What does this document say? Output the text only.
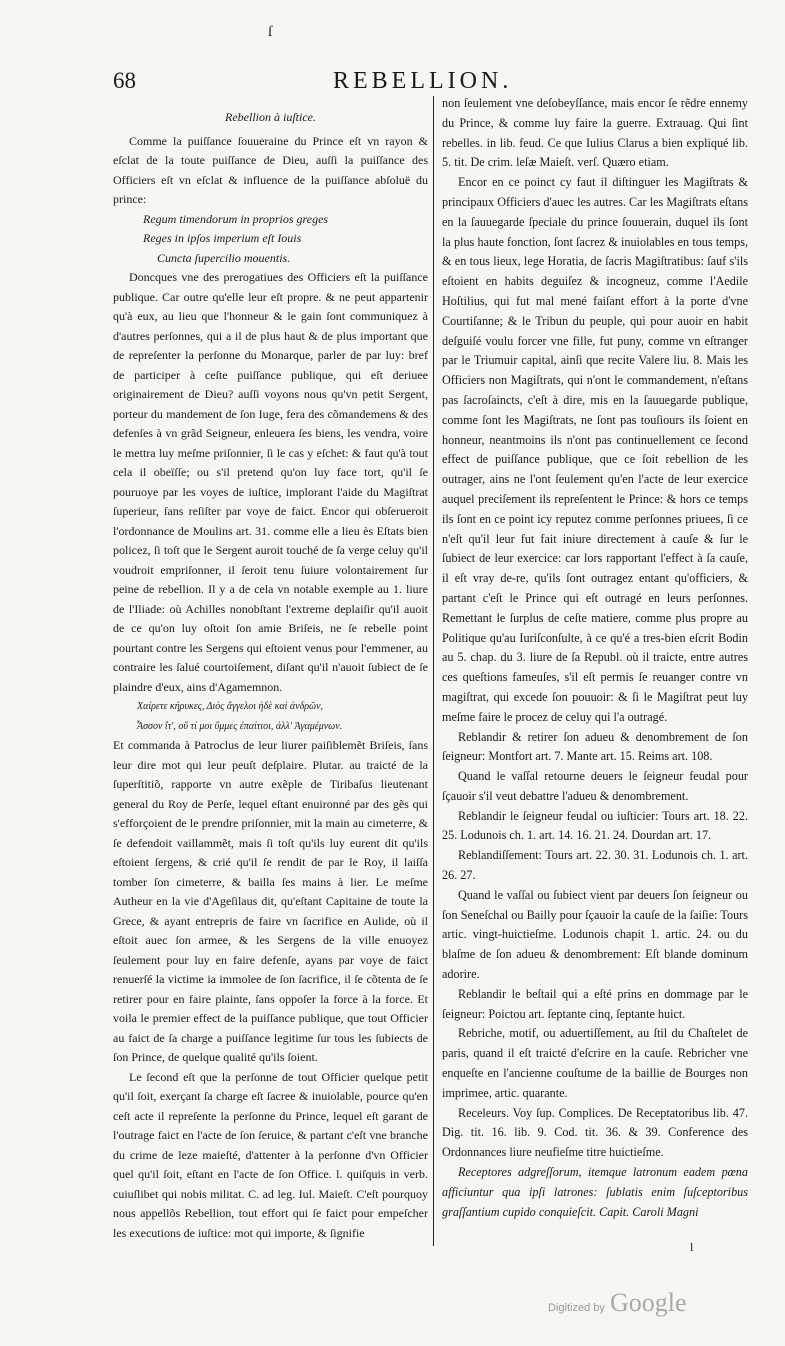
ſ
68	REBELLION.
Rebellion à iuſtice.

Comme la puiſſance ſouueraine du Prince eſt vn rayon & eſclat de la toute puiſſance de Dieu, auſſi la puiſſance des Officiers eſt vn eſclat & influence de la puiſſance abſoluë du prince:

Regum timendorum in proprios greges
Reges in ipſos imperium eſt Iouis
Cuncta ſupercilio mouentis.

Doncques vne des prerogatiues des Officiers eſt la puiſſance publique. Car outre qu'elle leur eſt propre. & ne peut appartenir qu'à eux, au lieu que l'honneur & le gain ſont communiquez à d'autres perſonnes, qui a il de plus haut & de plus important que de repreſenter la perſonne du Monarque, parler de par luy: bref de participer à ceſte puiſſance publique, qui eſt deriuee originairement de Dieu? auſſi voyons nous qu'vn petit Sergent, porteur du mandement de ſon Iuge, fera des cõmandemens & des defenſes à vn grãd Seigneur, enleuera ſes biens, les vendra, voire le mettra luy meſme priſonnier, ſi le cas y eſchet: & faut qu'à tout cela il obeïſſe; ou s'il pretend qu'on luy face tort, qu'il ſe pouruoye par les voyes de iuſtice, implorant l'aide du Magiſtrat ſuperieur, ſans reſiſter par voye de faict. Encor qui obſerueroit l'ordonnance de Moulins art. 31. comme elle a lieu ès Eſtats bien policez, ſi toſt que le Sergent auroit touché de ſa verge celuy qu'il voudroit empriſonner, il ſeroit tenu ſuiure volontairement ſur peine de rebellion. Il y a de cela vn notable exemple au 1. liure de l'Iliade: où Achilles nonobſtant l'extreme deplaiſir qu'il auoit de ce qu'on luy oſtoit ſon amie Briſeis, ne ſe rebelle point pourtant contre les Sergens qui eſtoient venus pour l'emmener, au contraire les ſalué courtoiſement, diſant qu'il n'auoit ſubiect de ſe plaindre d'eux, ains d'Agamemnon.

Χαίρετε κήρυκες, Διὸς ἄγγελοι ἠδὲ καὶ ἀνδρῶν,
Ἆσσον ἴτ', οὔ τί μοι ὔμμες ἐπαίτιοι, ἀλλ' Ἀγαμέμνων.

Et commanda à Patroclus de leur liurer paiſiblemẽt Briſeis, ſans leur dire mot qui leur peuſt deſplaire. Plutar. au traicté de la ſuperſtitiõ, rapporte vn autre exẽple de Tiribaſus lieutenant general du Roy de Perſe, lequel eſtant enuironné par des gẽs qui s'efforçoient de le prendre priſonnier, mit la main au cimeterre, & ſe defendoit vaillammẽt, mais ſi toſt qu'ils luy eurent dit qu'ils eſtoient ſergens, & crié qu'il ſe rendit de par le Roy, il laiſſa tomber ſon cimeterre, & bailla ſes mains à lier. Le meſme Autheur en la vie d'Ageſilaus dit, qu'eſtant Capitaine de toute la Grece, & ayant entrepris de faire vn ſacrifice en Aulide, où il eſtoit auec ſon armee, & les Sergens de la ville enuoyez ſeulement pour luy en faire defenſe, ayans par voye de faict renuerſé la victime ia immolee de ſon ſacrifice, il ſe cõtenta de ſe retirer pour en faire plainte, ſans oppoſer la force à la force. Et voila le premier effect de la puiſſance publique, que tout Officier au faict de ſa charge a puiſſance legitime ſur tous les ſubiects de ſon Prince, de quelque qualité qu'ils ſoient.

Le ſecond eſt que la perſonne de tout Officier quelque petit qu'il ſoit, exerçant ſa charge eſt ſacree & inuiolable, pource qu'en ceſt acte il repreſente la perſonne du Prince, lequel eſt garant de l'outrage faict en l'acte de ſon ſeruice, & partant c'eſt vne branche du crime de leze maieſté, d'attenter à la perſonne d'vn Officier quel qu'il ſoit, eſtant en l'acte de ſon Office. l. quiſquis in verb. cuiuſlibet qui nobis militat. C. ad leg. Iul. Maieſt. C'eſt pourquoy nous appellõs Rebellion, tout effort qui ſe faict pour empeſcher les executions de iuſtice: mot qui importe, & ſignifie

non ſeulement vne deſobeyſſance, mais encor ſe rẽdre ennemy du Prince, & comme luy faire la guerre. Extrauag. Qui ſint rebelles. in lib. feud. Ce que Iulius Clarus a bien expliqué lib. 5. tit. De crim. leſæ Maieſt. verſ. Quæro etiam.

Encor en ce poinct cy faut il diſtinguer les Magiſtrats & principaux Officiers d'auec les autres. Car les Magiſtrats eſtans en la ſauuegarde ſpeciale du prince ſouuerain, duquel ils ſont la plus haute fonction, ſont ſacrez & inuiolables en tous temps, & en tous lieux, lege Horatia, de ſacris Magiſtratibus: ſauf s'ils eſtoient en habits deguiſez & incogneuz, comme l'Aedile Hoſtilius, qui fut mal mené faiſant effort à la porte d'vne Courtiſanne; & le Tribun du peuple, qui pour auoir en habit deſguiſé voulu forcer vne fille, fut puny, comme vn eſtranger par le Triumuir capital, ainſi que recite Valere liu. 8. Mais les Officiers non Magiſtrats, qui n'ont le commandement, n'eſtans pas ſacroſaincts, c'eſt à dire, mis en la ſauuegarde publique, comme ſont les Magiſtrats, ne ſont pas touſiours ils ſoient en honneur, neantmoins ils n'ont pas continuellement ce ſecond effect de puiſſance publique, que ce ſoit rebellion de les outrager, ains ne l'ont ſeulement qu'en l'acte de leur exercice auquel preciſement ils repreſentent le Prince: & hors ce temps ils ſont en ce point icy reputez comme perſonnes priuees, ſi ce n'eſt qu'il leur fut fait iniure directement à cauſe & ſur le ſubiect de leur exercice: car lors rapportant l'effect à ſa cauſe, il eſt vray de-re, qu'ils ſont outragez entant qu'officiers, & partant c'eſt le Prince qui eſt outragé en leurs perſonnes. Remettant le ſurplus de ceſte matiere, comme plus propre au Politique qu'au Iuriſconſulte, à ce qu'é a tres-bien eſcrit Bodin au 5. chap. du 3. liure de ſa Republ. où il traicte, entre autres ces queſtions fameuſes, s'il eſt permis ſe reuanger contre vn magiſtrat, qui excede ſon pouuoir: & ſi le Magiſtrat peut luy meſme faire le procez de celuy qui l'a outragé.

Reblandir & retirer ſon adueu & denombrement de ſon ſeigneur: Montfort art. 7. Mante art. 15. Reims art. 108.

Quand le vaſſal retourne deuers le ſeigneur feudal pour ſçauoir s'il veut debattre l'adueu & denombrement.

Reblandir le ſeigneur feudal ou iuſticier: Tours art. 18. 22. 25. Lodunois ch. 1. art. 14. 16. 21. 24. Dourdan art. 17.

Reblandiſſement: Tours art. 22. 30. 31. Lodunois ch. 1. art. 26. 27.

Quand le vaſſal ou ſubiect vient par deuers ſon ſeigneur ou ſon Seneſchal ou Bailly pour ſçauoir la cauſe de la ſaiſie: Tours artic. vingt-huictieſme. Lodunois chapit 1. artic. 24. ou du blaſme de ſon adueu & denombrement: Eſt blande dominum adorire.

Reblandir le beſtail qui a eſté prins en dommage par le ſeigneur: Poictou art. ſeptante cinq, ſeptante huict.

Rebriche, motif, ou aduertiſſement, au ſtil du Chaſtelet de paris, quand il eſt traicté d'eſcrire en la cauſe. Rebricher vne enqueſte en l'ancienne couſtume de la baillie de Bourges non imprimee, artic. quarante.

Receleurs. Voy ſup. Complices. De Receptatoribus lib. 47. Dig. tit. 16. lib. 9. Cod. tit. 36. & 39. Conference des Ordonnances liure neufieſme titre huictieſme.

Receptores adgreſſorum, itemque latronum eadem pœna afficiuntur qua ipſi latrones: ſublatis enim ſuſceptoribus graſſantium cupido conquieſcit. Capit. Caroli Magni

l
Digitized by Google
